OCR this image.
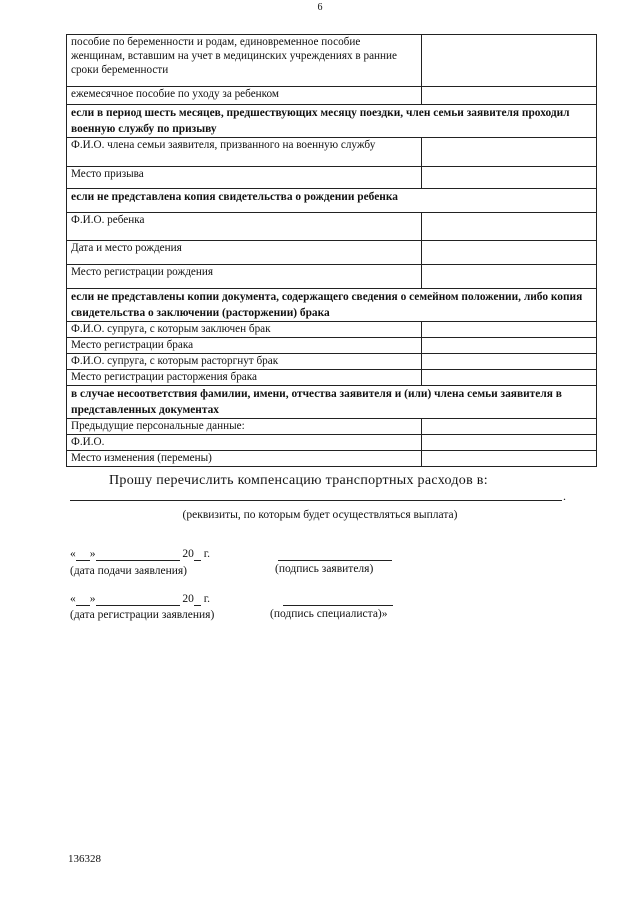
6
пособие по беременности и родам, единовременное пособие женщинам, вставшим на учет в медицинских учреждениях в ранние сроки беременности	
ежемесячное пособие по уходу за ребенком	
если в период шесть месяцев, предшествующих месяцу поездки, член семьи заявителя проходил военную службу по призыву	
Ф.И.О. члена семьи заявителя, призванного на военную службу	
Место призыва	
если не представлена копия свидетельства о рождении ребенка	
Ф.И.О. ребенка	
Дата и место рождения	
Место регистрации рождения	
если не представлены копии документа, содержащего сведения о семейном положении, либо копия свидетельства о заключении (расторжении) брака	
Ф.И.О. супруга, с которым заключен брак	
Место регистрации брака	
Ф.И.О. супруга, с которым расторгнут брак	
Место регистрации расторжения брака	
в случае несоответствия фамилии, имени, отчества заявителя и (или) члена семьи заявителя в представленных документах	
Предыдущие персональные данные:	
Ф.И.О.	
Место изменения (перемены)	
Прошу перечислить компенсацию транспортных расходов в:
.
(реквизиты, по которым будет осуществляться выплата)
« »	20  г.
(дата подачи заявления)
	(подпись заявителя)
« »	20  г.
(дата регистрации заявления)
	(подпись специалиста)»
136328
